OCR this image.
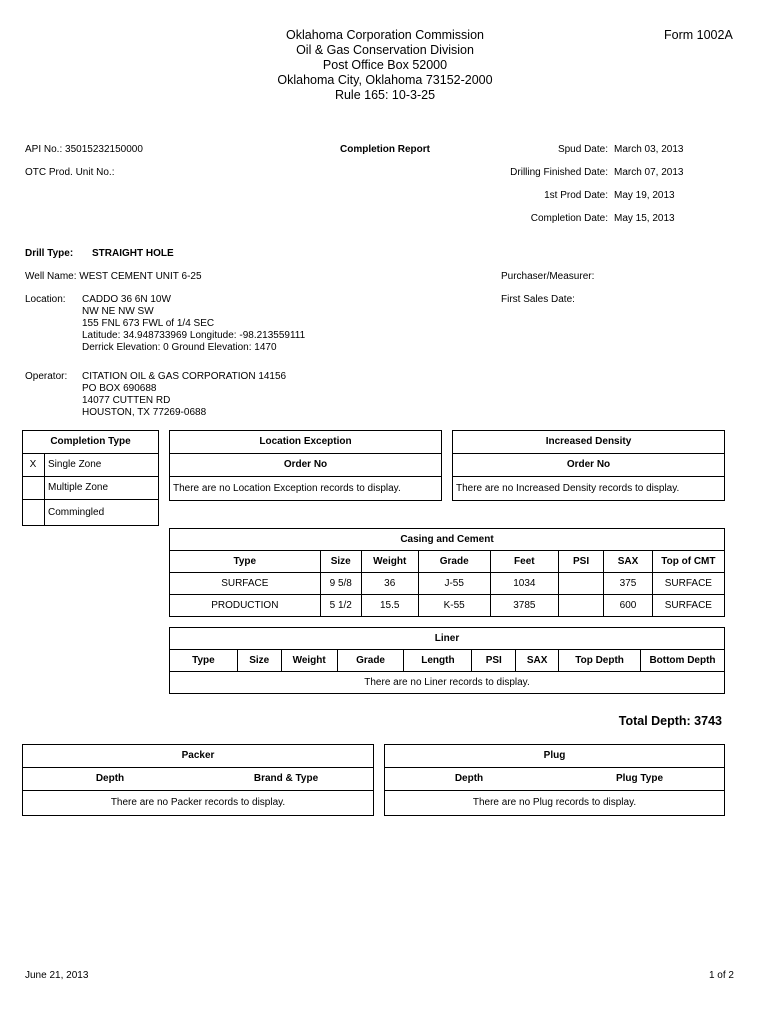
Oklahoma Corporation Commission
Oil & Gas Conservation Division
Post Office Box 52000
Oklahoma City, Oklahoma 73152-2000
Rule 165: 10-3-25
Form 1002A
API No.: 35015232150000	Completion Report
OTC Prod. Unit No.:
Spud Date: March 03, 2013
Drilling Finished Date: March 07, 2013
1st Prod Date: May 19, 2013
Completion Date: May 15, 2013
Drill Type: STRAIGHT HOLE
Well Name: WEST CEMENT UNIT 6-25	Purchaser/Measurer:
First Sales Date:
Location: CADDO 36 6N 10W
NW NE NW SW
155 FNL 673 FWL of 1/4 SEC
Latitude: 34.948733969 Longitude: -98.213559111
Derrick Elevation: 0 Ground Elevation: 1470
Operator: CITATION OIL & GAS CORPORATION 14156
PO BOX 690688
14077 CUTTEN RD
HOUSTON, TX 77269-0688
Completion Type
X	Single Zone
Multiple Zone
Commingled
Location Exception
Order No
There are no Location Exception records to display.
Increased Density
Order No
There are no Increased Density records to display.
Casing and Cement							
Type	Size	Weight	Grade	Feet	PSI	SAX	Top of CMT
SURFACE	9 5/8	36	J-55	1034		375	SURFACE
PRODUCTION	5 1/2	15.5	K-55	3785		600	SURFACE
Liner
Type	Size	Weight	Grade	Length	PSI	SAX	Top Depth	Bottom Depth
There are no Liner records to display.
Total Depth: 3743
Packer
Depth	Brand & Type
There are no Packer records to display.
Plug
Depth	Plug Type
There are no Plug records to display.
June 21, 2013	1 of 2
